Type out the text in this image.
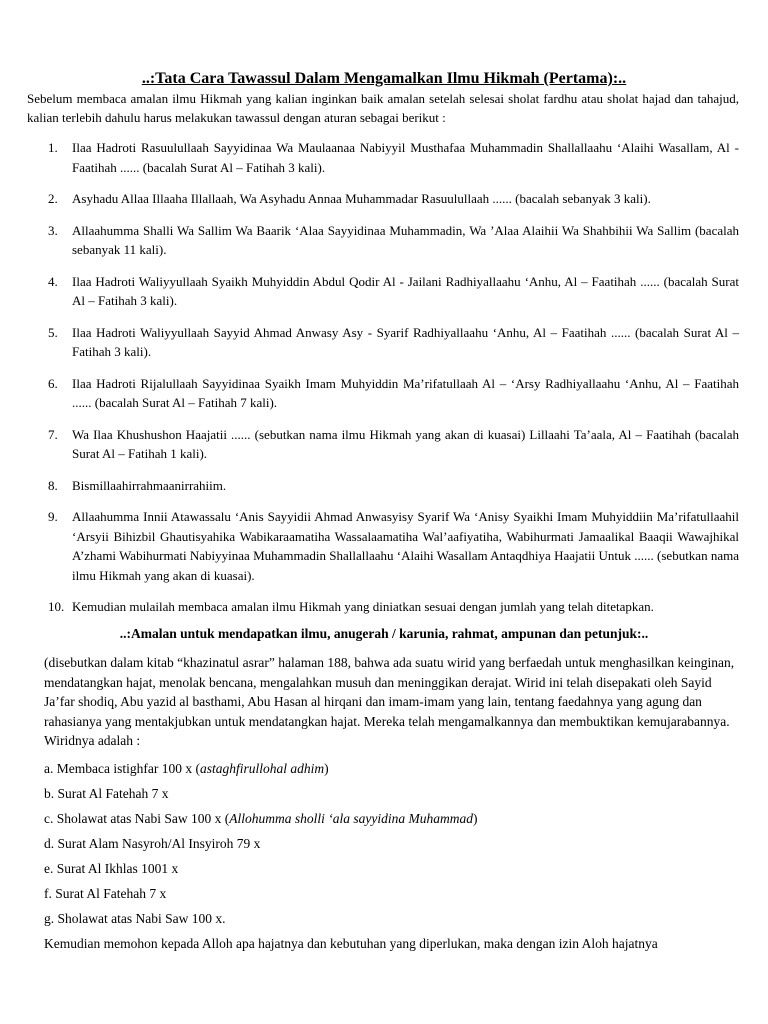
..:Tata Cara Tawassul Dalam Mengamalkan Ilmu Hikmah (Pertama):..
Sebelum membaca amalan ilmu Hikmah yang kalian inginkan baik amalan setelah selesai sholat fardhu atau sholat hajad dan tahajud, kalian terlebih dahulu harus melakukan tawassul dengan aturan sebagai berikut :
1. Ilaa Hadroti Rasuulullaah Sayyidinaa Wa Maulaanaa Nabiyyil Musthafaa Muhammadin Shallallaahu ‘Alaihi Wasallam, Al - Faatihah ...... (bacalah Surat Al – Fatihah 3 kali).
2. Asyhadu Allaa Illaaha Illallaah, Wa Asyhadu Annaa Muhammadar Rasuulullaah ...... (bacalah sebanyak 3 kali).
3. Allaahumma Shalli Wa Sallim Wa Baarik ‘Alaa Sayyidinaa Muhammadin, Wa ’Alaa Alaihii Wa Shahbihii Wa Sallim (bacalah sebanyak 11 kali).
4. Ilaa Hadroti Waliyyullaah Syaikh Muhyiddin Abdul Qodir Al - Jailani Radhiyallaahu ‘Anhu, Al – Faatihah ...... (bacalah Surat Al – Fatihah 3 kali).
5. Ilaa Hadroti Waliyyullaah Sayyid Ahmad Anwasy Asy - Syarif Radhiyallaahu ‘Anhu, Al – Faatihah ...... (bacalah Surat Al – Fatihah 3 kali).
6. Ilaa Hadroti Rijalullaah Sayyidinaa Syaikh Imam Muhyiddin Ma’rifatullaah Al – ‘Arsy Radhiyallaahu ‘Anhu, Al – Faatihah ...... (bacalah Surat Al – Fatihah 7 kali).
7. Wa Ilaa Khushushon Haajatii ...... (sebutkan nama ilmu Hikmah yang akan di kuasai) Lillaahi Ta’aala, Al – Faatihah (bacalah Surat Al – Fatihah 1 kali).
8. Bismillaahirrahmaanirrahiim.
9. Allaahumma Innii Atawassalu ‘Anis Sayyidii Ahmad Anwasyisy Syarif Wa ‘Anisy Syaikhi Imam Muhyiddiin Ma’rifatullaahil ‘Arsyii Bihizbil Ghautisyahika Wabikaraamatiha Wassalaamatiha Wal’aafiyatiha, Wabihurmati Jamaalikal Baaqii Wawajhikal A’zhami Wabihurmati Nabiyyinaa Muhammadin Shallallaahu ‘Alaihi Wasallam Antaqdhiya Haajatii Untuk ...... (sebutkan nama ilmu Hikmah yang akan di kuasai).
10. Kemudian mulailah membaca amalan ilmu Hikmah yang diniatkan sesuai dengan jumlah yang telah ditetapkan.
..:Amalan untuk mendapatkan ilmu, anugerah / karunia, rahmat, ampunan dan petunjuk:..
(disebutkan dalam kitab “khazinatul asrar” halaman 188, bahwa ada suatu wirid yang berfaedah untuk menghasilkan keinginan, mendatangkan hajat, menolak bencana, mengalahkan musuh dan meninggikan derajat. Wirid ini telah disepakati oleh Sayid Ja’far shodiq, Abu yazid al basthami, Abu Hasan al hirqani dan imam-imam yang lain, tentang faedahnya yang agung dan rahasianya yang mentakjubkan untuk mendatangkan hajat. Mereka telah mengamalkannya dan membuktikan kemujarabannya. Wiridnya adalah :
a. Membaca istighfar 100 x (astaghfirullohal adhim)
b. Surat Al Fatehah 7 x
c. Sholawat atas Nabi Saw 100 x (Allohumma sholli ‘ala sayyidina Muhammad)
d. Surat Alam Nasyroh/Al Insyiroh 79 x
e. Surat Al Ikhlas 1001 x
f. Surat Al Fatehah 7 x
g. Sholawat atas Nabi Saw 100 x.
Kemudian memohon kepada Alloh apa hajatnya dan kebutuhan yang diperlukan, maka dengan izin Aloh hajatnya
